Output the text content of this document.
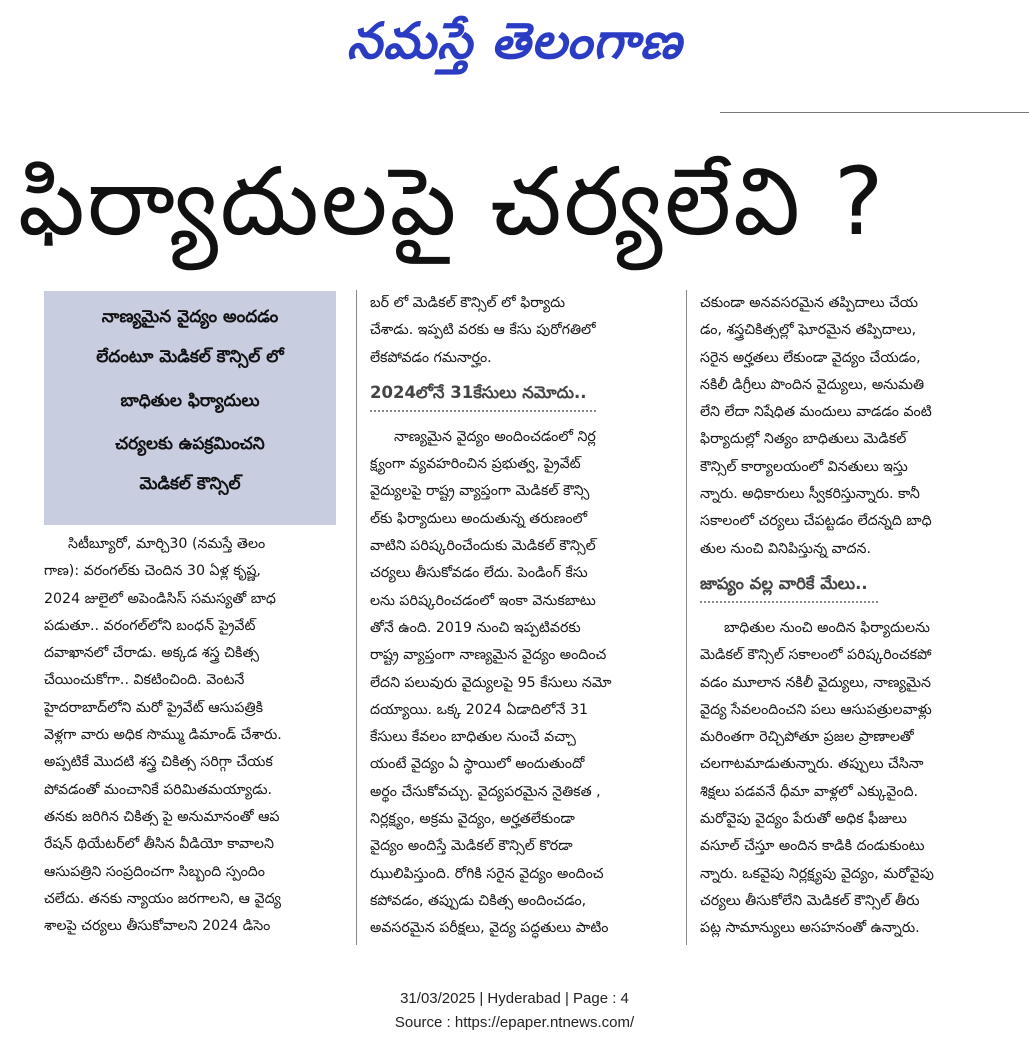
నమస్తే తెలంగాణ
ఫిర్యాదులపై చర్యలేవి ?
నాణ్యమైన వైద్యం అందడం
లేదంటూ మెడికల్ కౌన్సిల్ లో
బాధితుల ఫిర్యాదులు
చర్యలకు ఉపక్రమించని
మెడికల్ కౌన్సిల్
సిటీబ్యూరో, మార్చి30 (నమస్తే తెలం
గాణ): వరంగల్‌కు చెందిన 30 ఏళ్ల కృష్ణ,
2024 జులైలో అపెండిసిస్ సమస్యతో బాధ
పడుతూ.. వరంగల్‌లోని బంధన్ ప్రైవేట్
దవాఖానలో చేరాడు. అక్కడ శస్త్ర చికిత్స
చేయించుకోగా.. వికటించింది. వెంటనే
హైదరాబాద్‌లోని మరో ప్రైవేట్ ఆసుపత్రికి
వెళ్లగా వారు అధిక సొమ్ము డిమాండ్ చేశారు.
అప్పటికే మొదటి శస్త్ర చికిత్స సరిగ్గా చేయక
పోవడంతో మంచానికే పరిమితమయ్యాడు.
తనకు జరిగిన చికిత్స పై అనుమానంతో ఆప
రేషన్ థియేటర్‌లో తీసిన వీడియో కావాలని
ఆసుపత్రిని సంప్రదించగా సిబ్బంది స్పందిం
చలేదు. తనకు న్యాయం జరగాలని, ఆ వైద్య
శాలపై చర్యలు తీసుకోవాలని 2024 డిసెం
బర్ లో మెడికల్ కౌన్సిల్ లో ఫిర్యాదు
చేశాడు. ఇప్పటి వరకు ఆ కేసు పురోగతిలో
లేకపోవడం గమనార్హం.
2024లోనే 31కేసులు నమోదు..
నాణ్యమైన వైద్యం అందించడంలో నిర్ల
క్ష్యంగా వ్యవహరించిన ప్రభుత్వ, ప్రైవేట్
వైద్యులపై రాష్ట్ర వ్యాప్తంగా మెడికల్ కౌన్సి
ల్‌కు ఫిర్యాదులు అందుతున్న తరుణంలో
వాటిని పరిష్కరించేందుకు మెడికల్ కౌన్సిల్
చర్యలు తీసుకోవడం లేదు. పెండింగ్ కేసు
లను పరిష్కరించడంలో ఇంకా వెనుకబాటు
తోనే ఉంది. 2019 నుంచి ఇప్పటివరకు
రాష్ట్ర వ్యాప్తంగా నాణ్యమైన వైద్యం అందించ
లేదని పలువురు వైద్యులపై 95 కేసులు నమో
దయ్యాయి. ఒక్క 2024 ఏడాదిలోనే 31
కేసులు కేవలం బాధితుల నుంచే వచ్చా
యంటే వైద్యం ఏ స్థాయిలో అందుతుందో
అర్థం చేసుకోవచ్చు. వైద్యపరమైన నైతికత ,
నిర్లక్ష్యం, అక్రమ వైద్యం, అర్హతలేకుండా
వైద్యం అందిస్తే మెడికల్ కౌన్సిల్ కొరడా
ఝులిపిస్తుంది. రోగికి సరైన వైద్యం అందించ
కపోవడం, తప్పుడు చికిత్స అందించడం,
అవసరమైన పరీక్షలు, వైద్య పద్ధతులు పాటిం
చకుండా అనవసరమైన తప్పిదాలు చేయ
డం, శస్త్రచికిత్సల్లో ఘోరమైన తప్పిదాలు,
సరైన అర్హతలు లేకుండా వైద్యం చేయడం,
నకిలీ డిగ్రీలు పొందిన వైద్యులు, అనుమతి
లేని లేదా నిషేధిత మందులు వాడడం వంటి
ఫిర్యాదుల్లో నిత్యం బాధితులు మెడికల్
కౌన్సిల్ కార్యాలయంలో వినతులు ఇస్తు
న్నారు. అధికారులు స్వీకరిస్తున్నారు. కానీ
సకాలంలో చర్యలు చేపట్టడం లేదన్నది బాధి
తుల నుంచి వినిపిస్తున్న వాదన.
జాప్యం వల్ల వారికే మేలు..
బాధితుల నుంచి అందిన ఫిర్యాదులను
మెడికల్ కౌన్సిల్ సకాలంలో పరిష్కరించకపో
వడం మూలాన నకిలీ వైద్యులు, నాణ్యమైన
వైద్య సేవలందించని పలు ఆసుపత్రులవాళ్లు
మరింతగా రెచ్చిపోతూ ప్రజల ప్రాణాలతో
చలగాటమాడుతున్నారు. తప్పులు చేసినా
శిక్షలు పడవనే ధీమా వాళ్లలో ఎక్కువైంది.
మరోవైపు వైద్యం పేరుతో అధిక ఫీజులు
వసూల్ చేస్తూ అందిన కాడికి దండుకుంటు
న్నారు. ఒకవైపు నిర్లక్ష్యపు వైద్యం, మరోవైపు
చర్యలు తీసుకోలేని మెడికల్ కౌన్సిల్ తీరు
పట్ల సామాన్యులు అసహనంతో ఉన్నారు.
31/03/2025 | Hyderabad | Page : 4
Source : https://epaper.ntnews.com/
